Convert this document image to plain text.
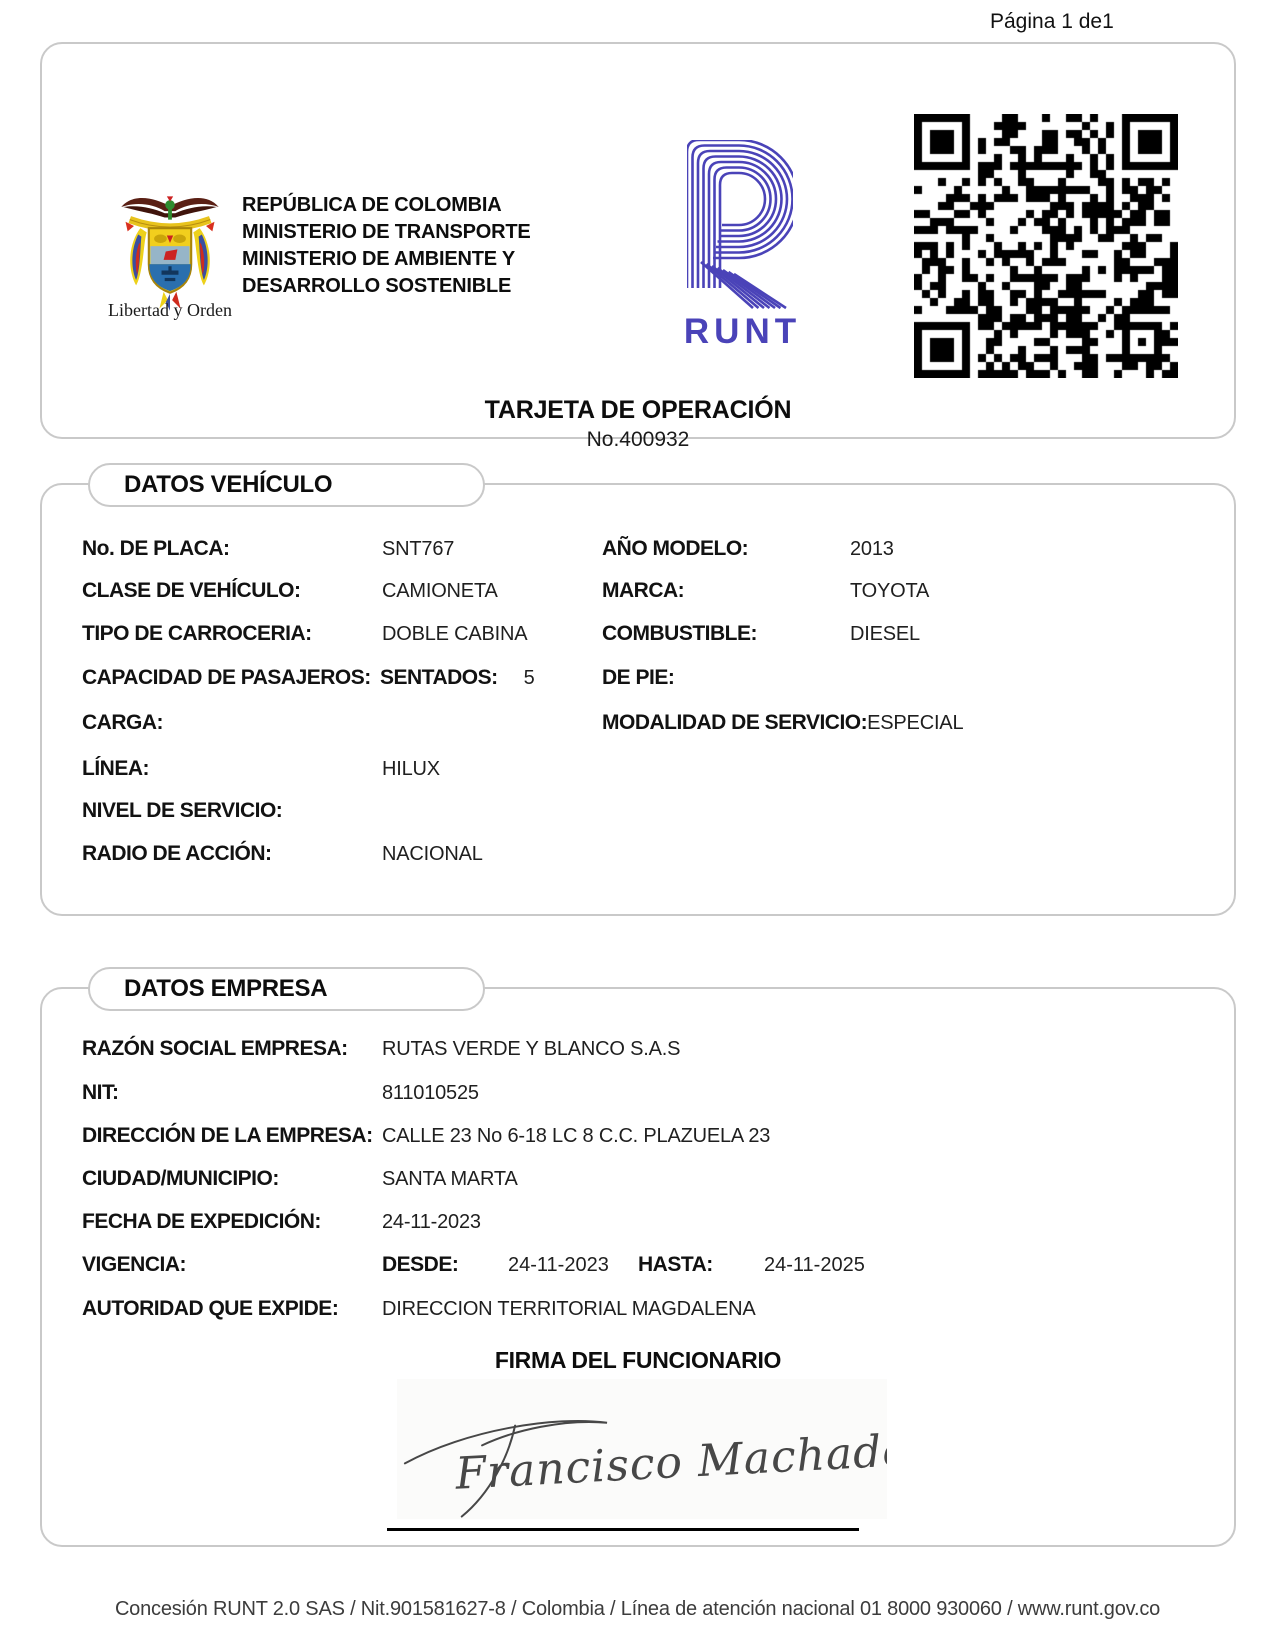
Página 1 de1
Libertad y Orden
REPÚBLICA DE COLOMBIA
MINISTERIO DE TRANSPORTE
MINISTERIO DE AMBIENTE Y
DESARROLLO SOSTENIBLE
RUNT
TARJETA DE OPERACIÓN
No.400932
DATOS VEHÍCULO
No. DE PLACA:	SNT767	AÑO MODELO:	2013
CLASE DE VEHÍCULO:	CAMIONETA	MARCA:	TOYOTA
TIPO DE CARROCERIA:	DOBLE CABINA	COMBUSTIBLE:	DIESEL
CAPACIDAD DE PASAJEROS: SENTADOS: 5	DE PIE:
CARGA:	MODALIDAD DE SERVICIO:ESPECIAL
LÍNEA:	HILUX
NIVEL DE SERVICIO:
RADIO DE ACCIÓN:	NACIONAL
DATOS EMPRESA
RAZÓN SOCIAL EMPRESA: RUTAS VERDE Y BLANCO S.A.S
NIT:	811010525
DIRECCIÓN DE LA EMPRESA: CALLE 23 No 6-18 LC 8 C.C. PLAZUELA 23
CIUDAD/MUNICIPIO:	SANTA MARTA
FECHA DE EXPEDICIÓN:	24-11-2023
VIGENCIA:	DESDE: 24-11-2023 HASTA:	24-11-2025
AUTORIDAD QUE EXPIDE: DIRECCION TERRITORIAL MAGDALENA
FIRMA DEL FUNCIONARIO
Francisco Machado
Concesión RUNT 2.0 SAS / Nit.901581627-8 / Colombia / Línea de atención nacional 01 8000 930060 / www.runt.gov.co
